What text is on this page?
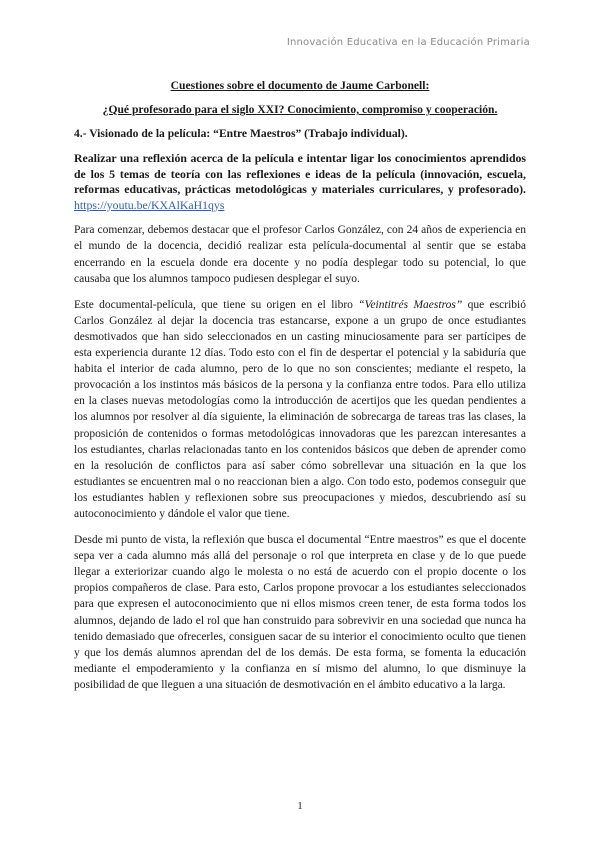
Innovación Educativa en la Educación Primaria

Cuestiones sobre el documento de Jaume Carbonell:

¿Qué profesorado para el siglo XXI? Conocimiento, compromiso y cooperación.

4.- Visionado de la película: “Entre Maestros” (Trabajo individual).

Realizar una reflexión acerca de la película e intentar ligar los conocimientos aprendidos de los 5 temas de teoría con las reflexiones e ideas de la película (innovación, escuela, reformas educativas, prácticas metodológicas y materiales curriculares, y profesorado). https://youtu.be/KXAlKaH1qys

Para comenzar, debemos destacar que el profesor Carlos González, con 24 años de experiencia en el mundo de la docencia, decidió realizar esta película-documental al sentir que se estaba encerrando en la escuela donde era docente y no podía desplegar todo su potencial, lo que causaba que los alumnos tampoco pudiesen desplegar el suyo.

Este documental-película, que tiene su origen en el libro “Veintitrés Maestros” que escribió Carlos González al dejar la docencia tras estancarse, expone a un grupo de once estudiantes desmotivados que han sido seleccionados en un casting minuciosamente para ser partícipes de esta experiencia durante 12 días. Todo esto con el fin de despertar el potencial y la sabiduría que habita el interior de cada alumno, pero de lo que no son conscientes; mediante el respeto, la provocación a los instintos más básicos de la persona y la confianza entre todos. Para ello utiliza en la clases nuevas metodologías como la introducción de acertijos que les quedan pendientes a los alumnos por resolver al día siguiente, la eliminación de sobrecarga de tareas tras las clases, la proposición de contenidos o formas metodológicas innovadoras que les parezcan interesantes a los estudiantes, charlas relacionadas tanto en los contenidos básicos que deben de aprender como en la resolución de conflictos para así saber cómo sobrellevar una situación en la que los estudiantes se encuentren mal o no reaccionan bien a algo. Con todo esto, podemos conseguir que los estudiantes hablen y reflexionen sobre sus preocupaciones y miedos, descubriendo así su autoconocimiento y dándole el valor que tiene.

Desde mi punto de vista, la reflexión que busca el documental “Entre maestros” es que el docente sepa ver a cada alumno más allá del personaje o rol que interpreta en clase y de lo que puede llegar a exteriorizar cuando algo le molesta o no está de acuerdo con el propio docente o los propios compañeros de clase. Para esto, Carlos propone provocar a los estudiantes seleccionados para que expresen el autoconocimiento que ni ellos mismos creen tener, de esta forma todos los alumnos, dejando de lado el rol que han construido para sobrevivir en una sociedad que nunca ha tenido demasiado que ofrecerles, consiguen sacar de su interior el conocimiento oculto que tienen y que los demás alumnos aprendan del de los demás. De esta forma, se fomenta la educación mediante el empoderamiento y la confianza en sí mismo del alumno, lo que disminuye la posibilidad de que lleguen a una situación de desmotivación en el ámbito educativo a la larga.

1
